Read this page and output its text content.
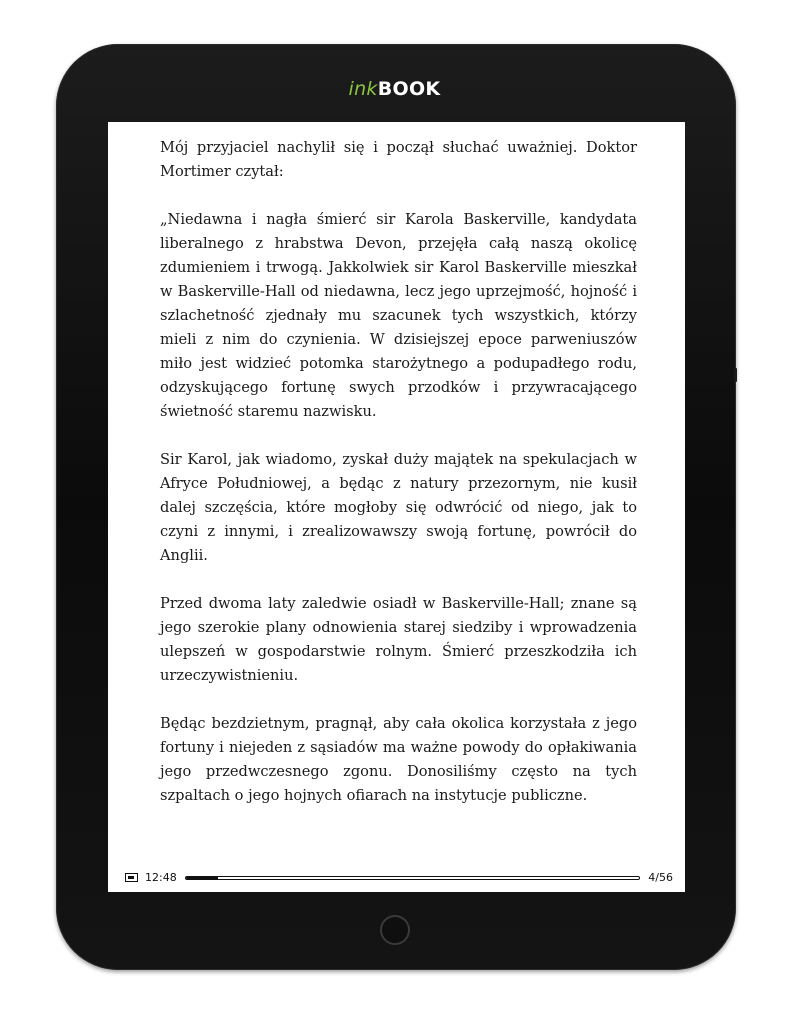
inkBOOK

Mój przyjaciel nachylił się i począł słuchać uważniej. Doktor Mortimer czytał:

„Niedawna i nagła śmierć sir Karola Baskerville, kandydata liberalnego z hrabstwa Devon, przejęła całą naszą okolicę zdumieniem i trwogą. Jakkolwiek sir Karol Baskerville mieszkał w Baskerville-Hall od niedawna, lecz jego uprzejmość, hojność i szlachetność zjednały mu szacunek tych wszystkich, którzy mieli z nim do czynienia. W dzisiejszej epoce parweniuszów miło jest widzieć potomka starożytnego a podupadłego rodu, odzyskującego fortunę swych przodków i przywracającego świetność staremu nazwisku.

Sir Karol, jak wiadomo, zyskał duży majątek na spekulacjach w Afryce Południowej, a będąc z natury przezornym, nie kusił dalej szczęścia, które mogłoby się odwrócić od niego, jak to czyni z innymi, i zrealizowawszy swoją fortunę, powrócił do Anglii.

Przed dwoma laty zaledwie osiadł w Baskerville-Hall; znane są jego szerokie plany odnowienia starej siedziby i wprowadzenia ulepszeń w gospodarstwie rolnym. Śmierć przeszkodziła ich urzeczywistnieniu.

Będąc bezdzietnym, pragnął, aby cała okolica korzystała z jego fortuny i niejeden z sąsiadów ma ważne powody do opłakiwania jego przedwczesnego zgonu. Donosiliśmy często na tych szpaltach o jego hojnych ofiarach na instytucje publiczne.

12:48	4/56
